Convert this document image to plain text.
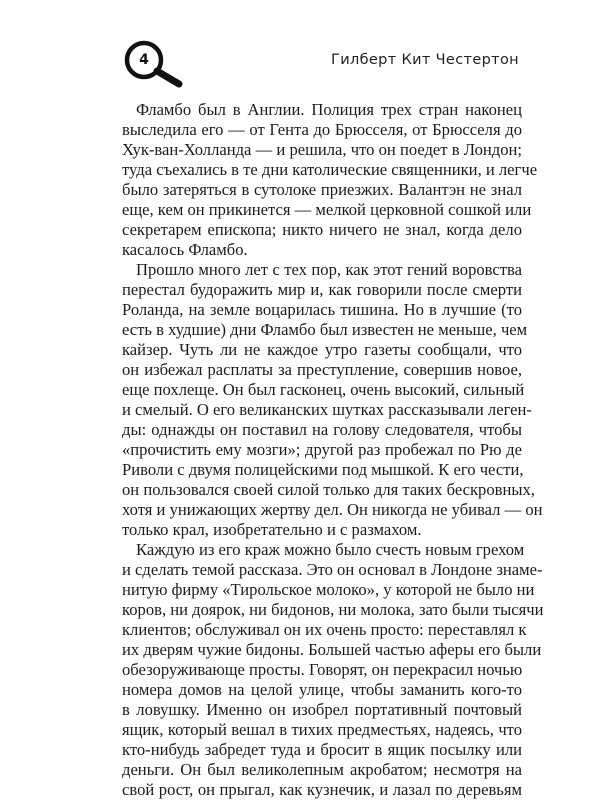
4	Гилберт Кит Честертон
Фламбо был в Англии. Полиция трех стран наконец
выследила его — от Гента до Брюсселя, от Брюсселя до
Хук-ван-Холланда — и решила, что он поедет в Лондон;
туда съехались в те дни католические священники, и легче
было затеряться в сутолоке приезжих. Валантэн не знал
еще, кем он прикинется — мелкой церковной сошкой или
секретарем епископа; никто ничего не знал, когда дело
касалось Фламбо.
Прошло много лет с тех пор, как этот гений воровства
перестал будоражить мир и, как говорили после смерти
Роланда, на земле воцарилась тишина. Но в лучшие (то
есть в худшие) дни Фламбо был известен не меньше, чем
кайзер. Чуть ли не каждое утро газеты сообщали, что
он избежал расплаты за преступление, совершив новое,
еще похлеще. Он был гасконец, очень высокий, сильный
и смелый. О его великанских шутках рассказывали леген-
ды: однажды он поставил на голову следователя, чтобы
«прочистить ему мозги»; другой раз пробежал по Рю де
Риволи с двумя полицейскими под мышкой. К его чести,
он пользовался своей силой только для таких бескровных,
хотя и унижающих жертву дел. Он никогда не убивал — он
только крал, изобретательно и с размахом.
Каждую из его краж можно было счесть новым грехом
и сделать темой рассказа. Это он основал в Лондоне знаме-
нитую фирму «Тирольское молоко», у которой не было ни
коров, ни доярок, ни бидонов, ни молока, зато были тысячи
клиентов; обслуживал он их очень просто: переставлял к
их дверям чужие бидоны. Большей частью аферы его были
обезоруживающе просты. Говорят, он перекрасил ночью
номера домов на целой улице, чтобы заманить кого-то
в ловушку. Именно он изобрел портативный почтовый
ящик, который вешал в тихих предместьях, надеясь, что
кто-нибудь забредет туда и бросит в ящик посылку или
деньги. Он был великолепным акробатом; несмотря на
свой рост, он прыгал, как кузнечик, и лазал по деревьям
